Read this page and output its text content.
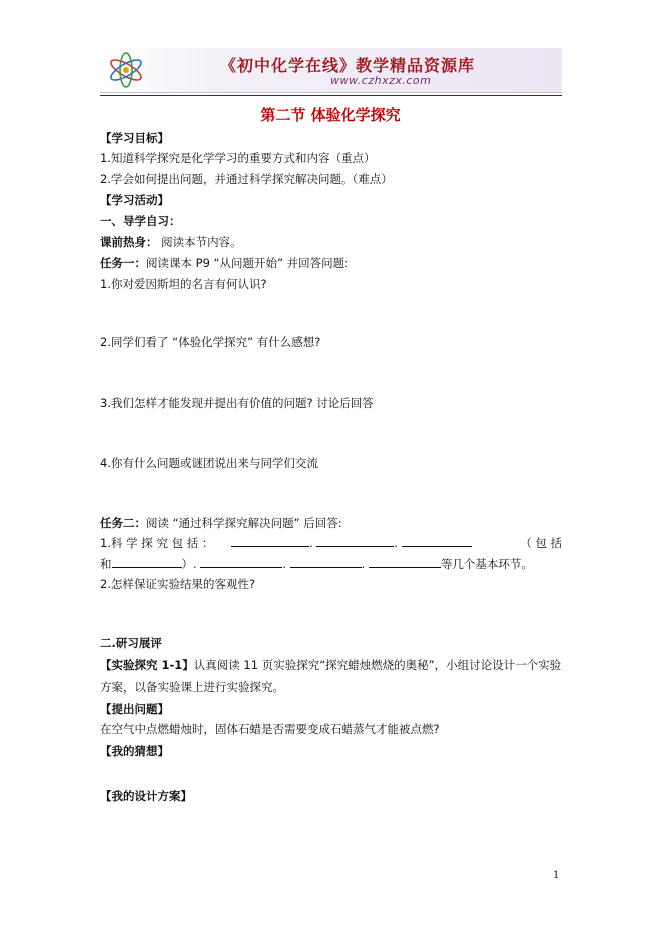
《初中化学在线》教学精品资源库
www.czhxzx.com
第二节 体验化学探究
【学习目标】
1.知道科学探究是化学学习的重要方式和内容（重点）
2.学会如何提出问题，并通过科学探究解决问题。（难点）
【学习活动】
一、导学自习：
课前热身： 阅读本节内容。
任务一：阅读课本 P9 “从问题开始” 并回答问题:
1.你对爱因斯坦的名言有何认识?
2.同学们看了 “体验化学探究” 有什么感想?
3.我们怎样才能发现并提出有价值的问题? 讨论后回答
4.你有什么问题或谜团说出来与同学们交流
任务二：阅读 “通过科学探究解决问题” 后回答:
1.科 学 探 究 包 括 ：	.	.	（ 包 括
和	）.	.	.	等几个基本环节。
2.怎样保证实验结果的客观性?
二.研习展评
【实验探究 1-1】认真阅读 11 页实验探究“探究蜡烛燃烧的奥秘”，小组讨论设计一个实验
方案，以备实验课上进行实验探究。
【提出问题】
在空气中点燃蜡烛时，固体石蜡是否需要变成石蜡蒸气才能被点燃?
【我的猜想】
【我的设计方案】
1
